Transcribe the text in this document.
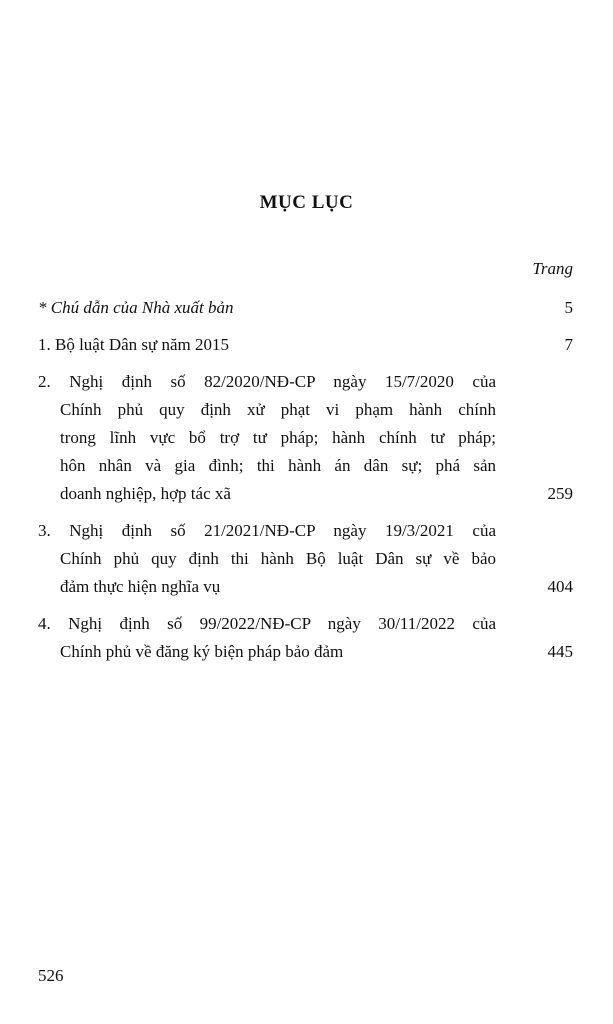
MỤC LỤC
Trang
* Chú dẫn của Nhà xuất bản	5
1. Bộ luật Dân sự năm 2015	7
2. Nghị định số 82/2020/NĐ-CP ngày 15/7/2020 của
Chính phủ quy định xử phạt vi phạm hành chính
trong lĩnh vực bổ trợ tư pháp; hành chính tư pháp;
hôn nhân và gia đình; thi hành án dân sự; phá sản
doanh nghiệp, hợp tác xã	259
3. Nghị định số 21/2021/NĐ-CP ngày 19/3/2021 của
Chính phủ quy định thi hành Bộ luật Dân sự về bảo
đảm thực hiện nghĩa vụ	404
4. Nghị định số 99/2022/NĐ-CP ngày 30/11/2022 của
Chính phủ về đăng ký biện pháp bảo đảm	445
526
